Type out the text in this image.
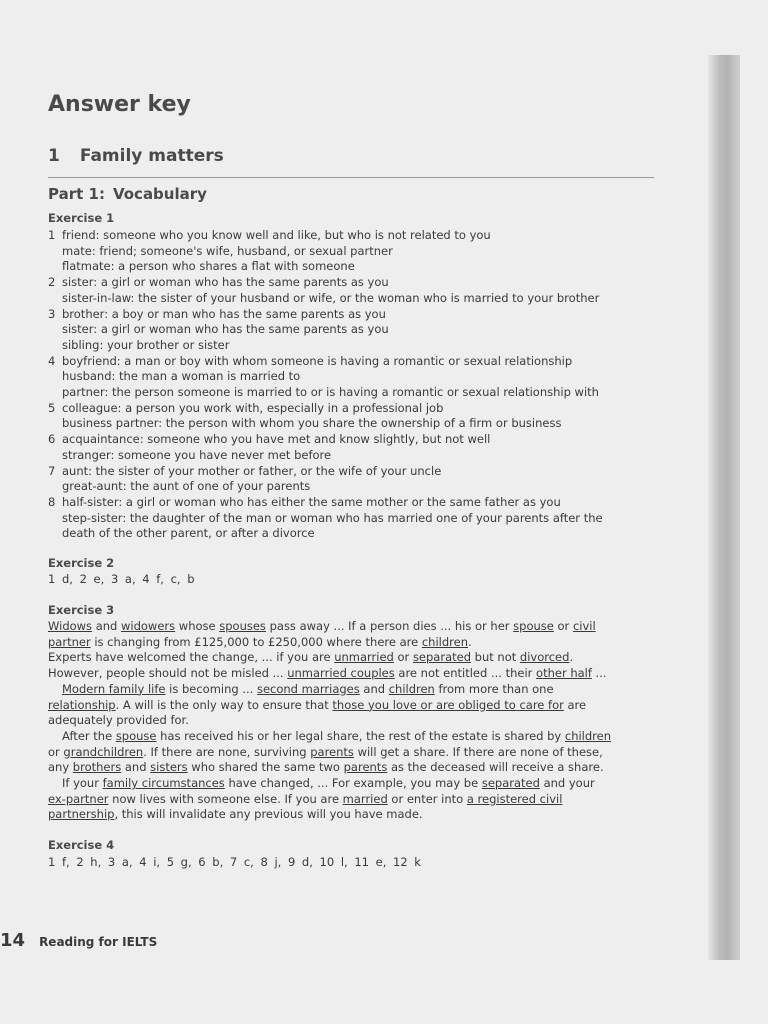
Answer key
1 Family matters
Part 1: Vocabulary
Exercise 1
1 friend: someone who you know well and like, but who is not related to you
mate: friend; someone's wife, husband, or sexual partner
flatmate: a person who shares a flat with someone
2 sister: a girl or woman who has the same parents as you
sister-in-law: the sister of your husband or wife, or the woman who is married to your brother
3 brother: a boy or man who has the same parents as you
sister: a girl or woman who has the same parents as you
sibling: your brother or sister
4 boyfriend: a man or boy with whom someone is having a romantic or sexual relationship
husband: the man a woman is married to
partner: the person someone is married to or is having a romantic or sexual relationship with
5 colleague: a person you work with, especially in a professional job
business partner: the person with whom you share the ownership of a firm or business
6 acquaintance: someone who you have met and know slightly, but not well
stranger: someone you have never met before
7 aunt: the sister of your mother or father, or the wife of your uncle
great-aunt: the aunt of one of your parents
8 half-sister: a girl or woman who has either the same mother or the same father as you
step-sister: the daughter of the man or woman who has married one of your parents after the
death of the other parent, or after a divorce
Exercise 2
1 d, 2 e, 3 a, 4 f, c, b
Exercise 3
Widows and widowers whose spouses pass away ... If a person dies ... his or her spouse or civil
partner is changing from £125,000 to £250,000 where there are children.
Experts have welcomed the change, ... if you are unmarried or separated but not divorced.
However, people should not be misled ... unmarried couples are not entitled ... their other half ...
Modern family life is becoming ... second marriages and children from more than one
relationship. A will is the only way to ensure that those you love or are obliged to care for are
adequately provided for.
After the spouse has received his or her legal share, the rest of the estate is shared by children
or grandchildren. If there are none, surviving parents will get a share. If there are none of these,
any brothers and sisters who shared the same two parents as the deceased will receive a share.
If your family circumstances have changed, ... For example, you may be separated and your
ex-partner now lives with someone else. If you are married or enter into a registered civil
partnership, this will invalidate any previous will you have made.
Exercise 4
1 f, 2 h, 3 a, 4 i, 5 g, 6 b, 7 c, 8 j, 9 d, 10 l, 11 e, 12 k
14 Reading for IELTS
